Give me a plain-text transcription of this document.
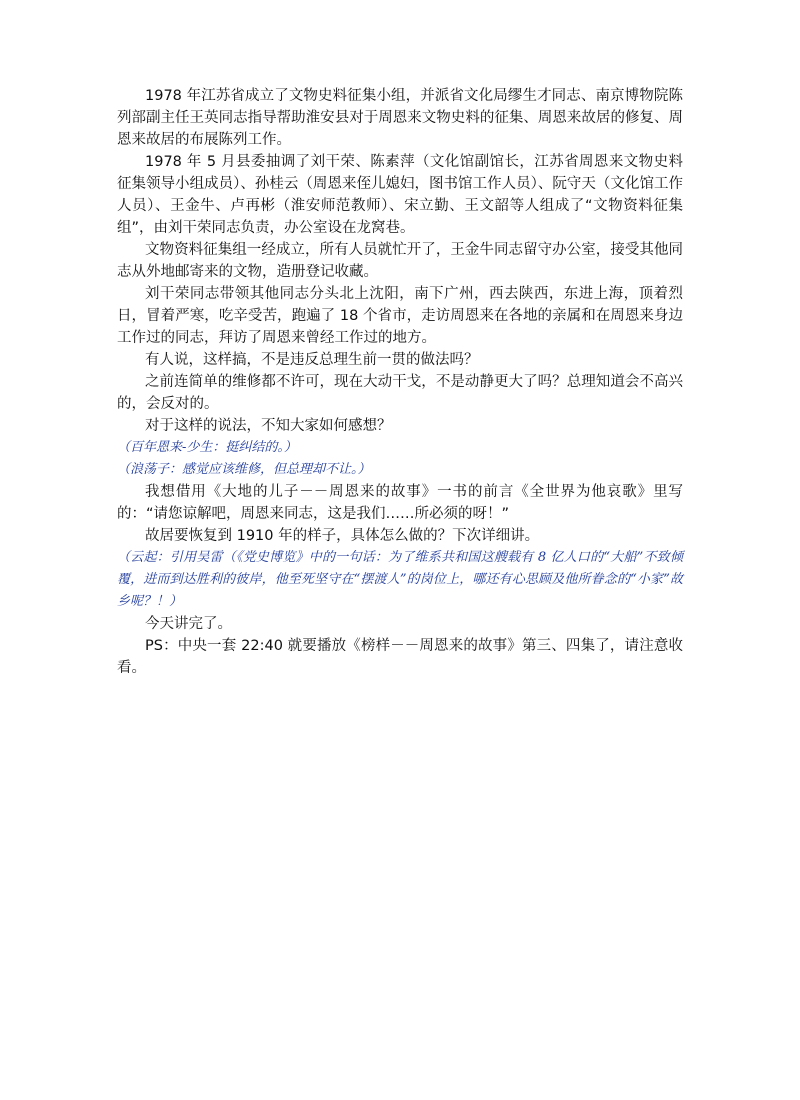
1978 年江苏省成立了文物史料征集小组，并派省文化局缪生才同志、南京博物院陈列部副主任王英同志指导帮助淮安县对于周恩来文物史料的征集、周恩来故居的修复、周恩来故居的布展陈列工作。

1978 年 5 月县委抽调了刘干荣、陈素萍（文化馆副馆长，江苏省周恩来文物史料征集领导小组成员）、孙桂云（周恩来侄儿媳妇，图书馆工作人员）、阮守天（文化馆工作人员）、王金牛、卢再彬（淮安师范教师）、宋立勤、王文韶等人组成了“文物资料征集组”，由刘干荣同志负责，办公室设在龙窝巷。

文物资料征集组一经成立，所有人员就忙开了，王金牛同志留守办公室，接受其他同志从外地邮寄来的文物，造册登记收藏。

刘干荣同志带领其他同志分头北上沈阳，南下广州，西去陕西，东进上海，顶着烈日，冒着严寒，吃辛受苦，跑遍了 18 个省市，走访周恩来在各地的亲属和在周恩来身边工作过的同志，拜访了周恩来曾经工作过的地方。

有人说，这样搞，不是违反总理生前一贯的做法吗？

之前连简单的维修都不许可，现在大动干戈，不是动静更大了吗？总理知道会不高兴的，会反对的。

对于这样的说法，不知大家如何感想？

（百年恩来-少生：挺纠结的。）

（浪荡子：感觉应该维修，但总理却不让。）

我想借用《大地的儿子－－周恩来的故事》一书的前言《全世界为他哀歌》里写的：“请您谅解吧，周恩来同志，这是我们……所必须的呀！”

故居要恢复到 1910 年的样子，具体怎么做的？下次详细讲。

（云起：引用吴雷（《党史博览》中的一句话：为了维系共和国这艘载有 8 亿人口的“大船”不致倾覆，进而到达胜利的彼岸，他至死坚守在“摆渡人”的岗位上，哪还有心思顾及他所眷念的“小家”故乡呢？！）

今天讲完了。

PS：中央一套 22:40 就要播放《榜样－－周恩来的故事》第三、四集了，请注意收看。
